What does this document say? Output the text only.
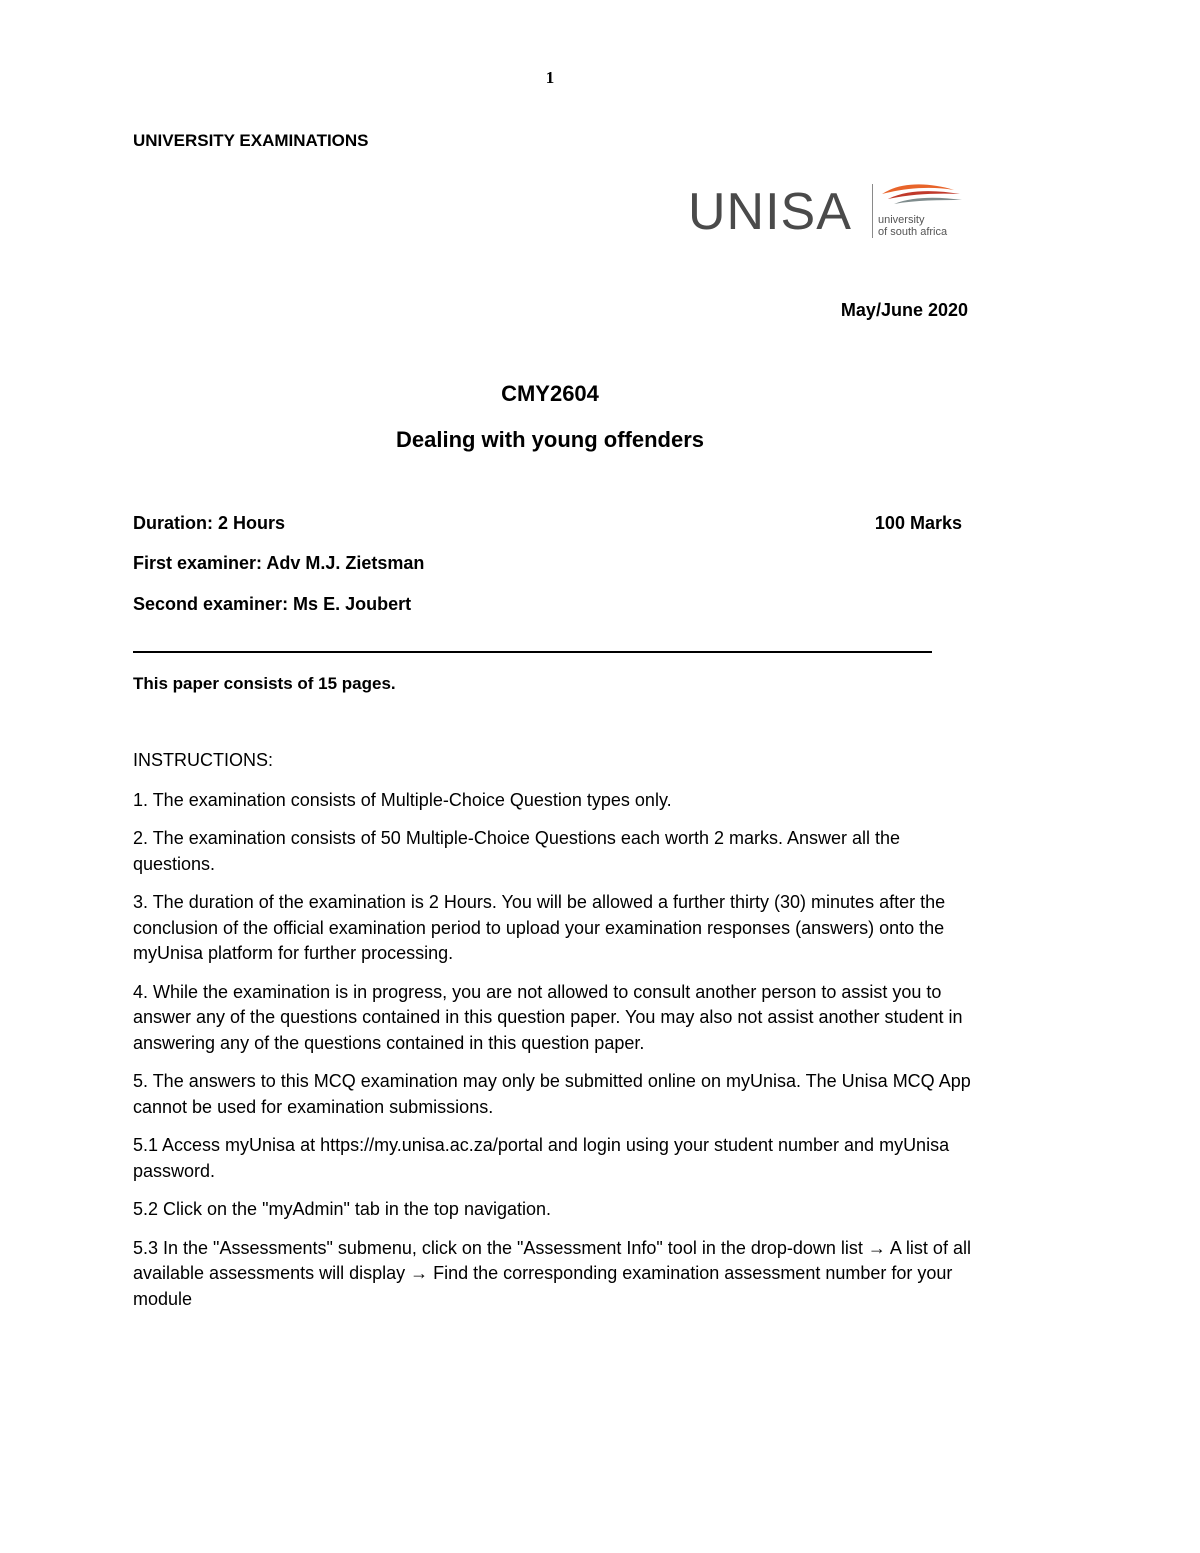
1
UNIVERSITY EXAMINATIONS
UNISA university
of south africa
May/June 2020
CMY2604
Dealing with young offenders
Duration: 2 Hours	100 Marks
First examiner: Adv M.J. Zietsman
Second examiner: Ms E. Joubert
This paper consists of 15 pages.

INSTRUCTIONS:

1. The examination consists of Multiple-Choice Question types only.

2. The examination consists of 50 Multiple-Choice Questions each worth 2 marks. Answer all the questions.

3. The duration of the examination is 2 Hours. You will be allowed a further thirty (30) minutes after the conclusion of the official examination period to upload your examination responses (answers) onto the myUnisa platform for further processing.

4. While the examination is in progress, you are not allowed to consult another person to assist you to answer any of the questions contained in this question paper. You may also not assist another student in answering any of the questions contained in this question paper.

5. The answers to this MCQ examination may only be submitted online on myUnisa. The Unisa MCQ App cannot be used for examination submissions.

5.1 Access myUnisa at https://my.unisa.ac.za/portal and login using your student number and myUnisa password.

5.2 Click on the "myAdmin" tab in the top navigation.

5.3 In the "Assessments" submenu, click on the "Assessment Info" tool in the drop-down list → A list of all available assessments will display → Find the corresponding examination assessment number for your module
